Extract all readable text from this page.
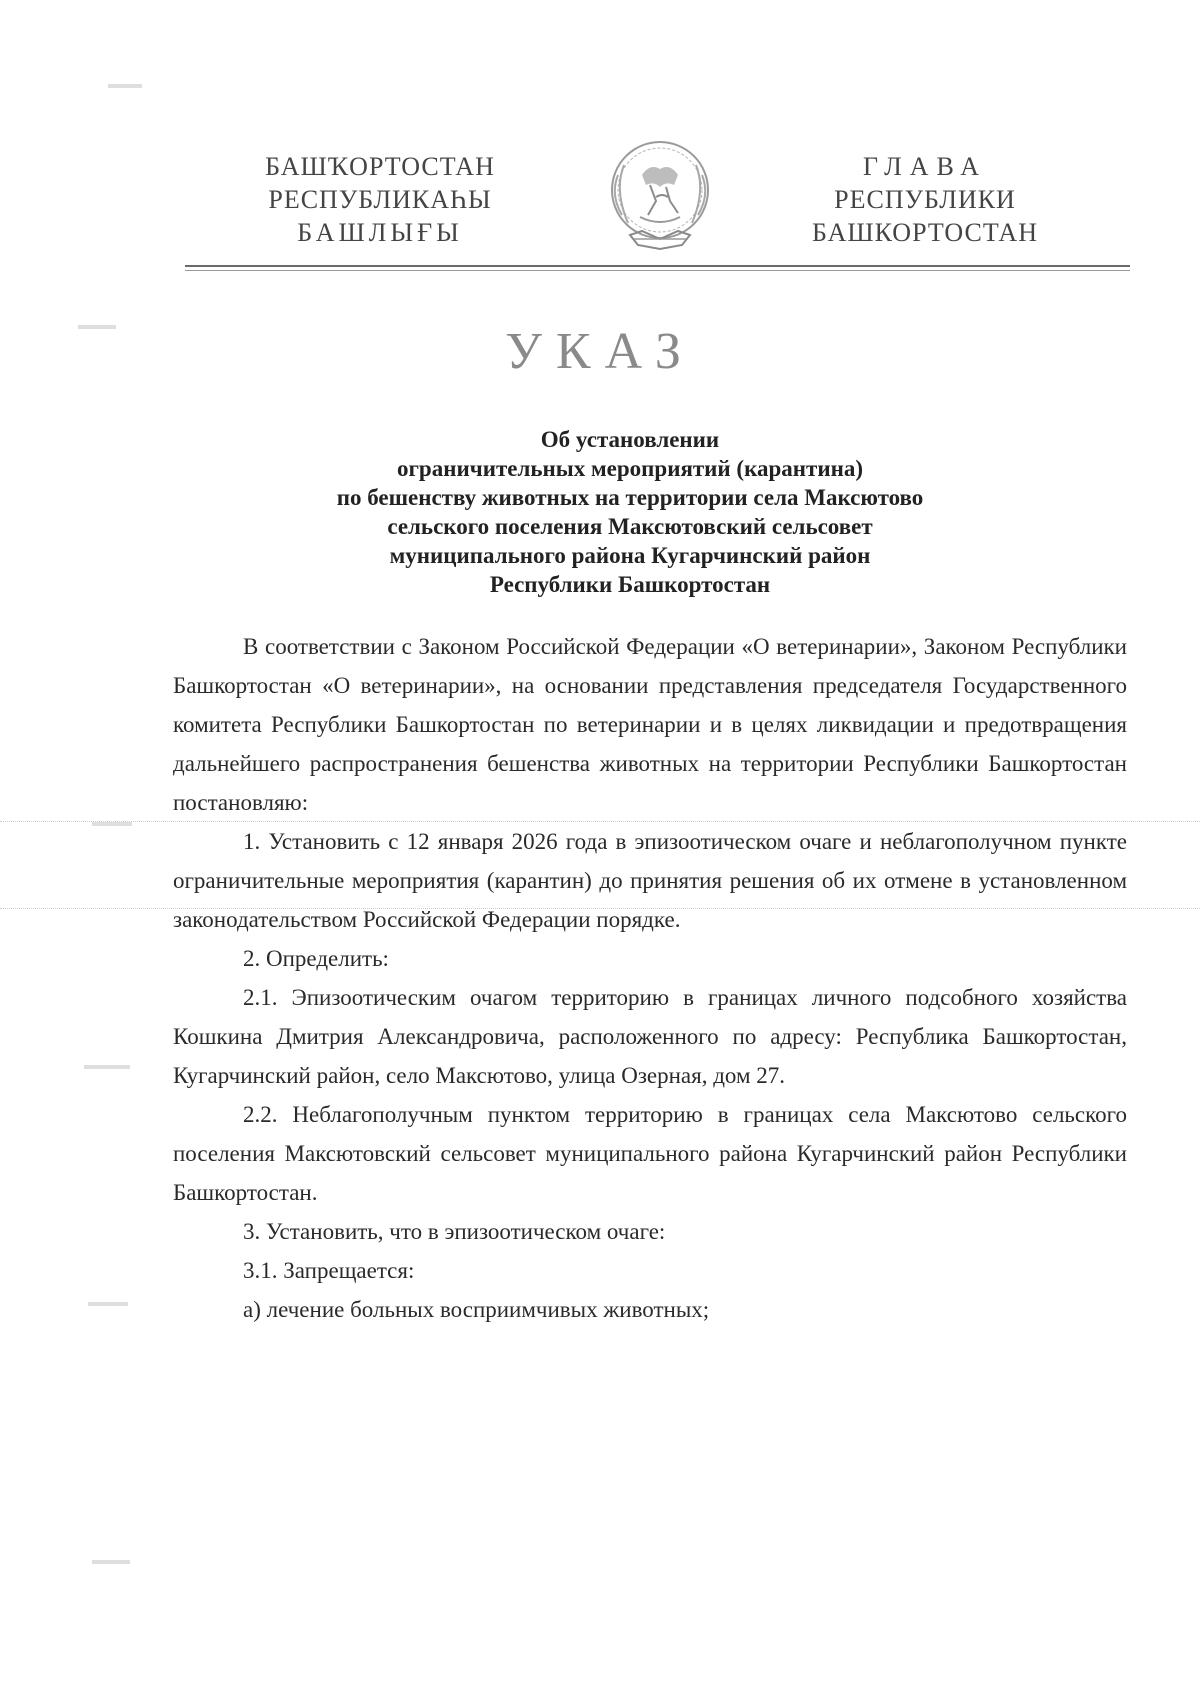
БАШҠОРТОСТАН
РЕСПУБЛИКАҺЫ
БАШЛЫҒЫ
ГЛАВА
РЕСПУБЛИКИ
БАШКОРТОСТАН
УКАЗ
Об установлении
ограничительных мероприятий (карантина)
по бешенству животных на территории села Максютово
сельского поселения Максютовский сельсовет
муниципального района Кугарчинский район
Республики Башкортостан

В соответствии с Законом Российской Федерации «О ветеринарии», Законом Республики Башкортостан «О ветеринарии», на основании представления председателя Государственного комитета Республики Башкортостан по ветеринарии и в целях ликвидации и предотвращения дальнейшего распространения бешенства животных на территории Республики Башкортостан постановляю:

1. Установить с 12 января 2026 года в эпизоотическом очаге и неблагополучном пункте ограничительные мероприятия (карантин) до принятия решения об их отмене в установленном законодательством Российской Федерации порядке.

2. Определить:

2.1. Эпизоотическим очагом территорию в границах личного подсобного хозяйства Кошкина Дмитрия Александровича, расположенного по адресу: Республика Башкортостан, Кугарчинский район, село Максютово, улица Озерная, дом 27.

2.2. Неблагополучным пунктом территорию в границах села Максютово сельского поселения Максютовский сельсовет муниципального района Кугарчинский район Республики Башкортостан.

3. Установить, что в эпизоотическом очаге:

3.1. Запрещается:

а) лечение больных восприимчивых животных;
